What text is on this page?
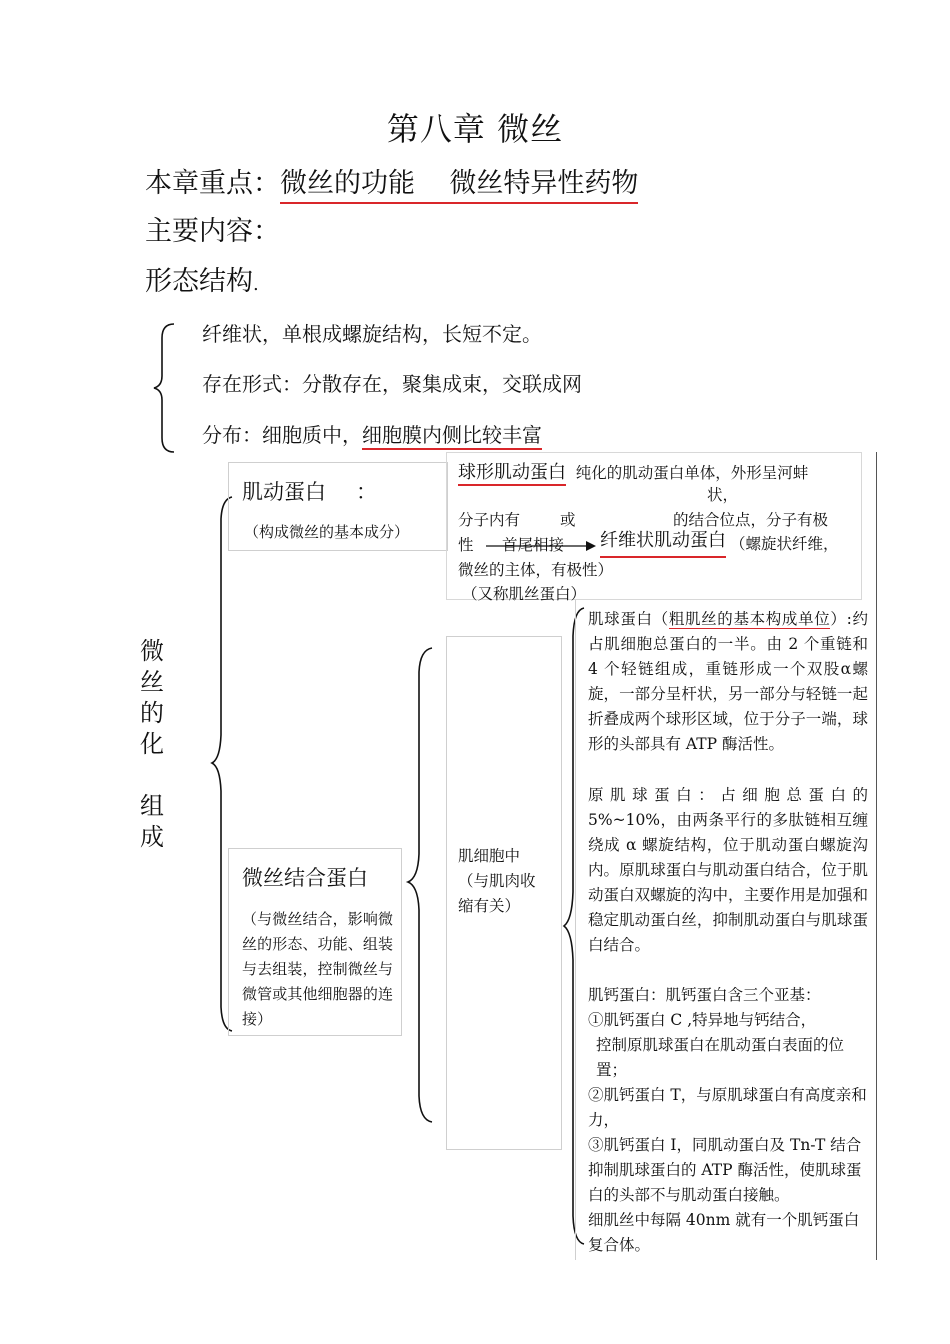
第八章 微丝
本章重点：微丝的功能    微丝特异性药物
主要内容：
形态结构.
纤维状，单根成螺旋结构，长短不定。
存在形式：分散存在，聚集成束，交联成网
分布：细胞质中，细胞膜内侧比较丰富
微
丝
的
化
组
成
肌动蛋白 ：
（构成微丝的基本成分）
球形肌动蛋白 纯化的肌动蛋白单体，外形呈河蚌
状，
分子内有	或	的结合位点，分子有极
性 首尾相接 纤维状肌动蛋白 （螺旋状纤维，
微丝的主体，有极性）
（又称肌丝蛋白）
微丝结合蛋白
（与微丝结合，影响微丝的形态、功能、组装与去组装，控制微丝与微管或其他细胞器的连接）
肌细胞中
（与肌肉收缩有关）
肌球蛋白（粗肌丝的基本构成单位）:约占肌细胞总蛋白的一半。由 2 个重链和 4 个轻链组成，重链形成一个双股α螺旋，一部分呈杆状，另一部分与轻链一起折叠成两个球形区域，位于分子一端，球形的头部具有 ATP 酶活性。
原肌球蛋白：占细胞总蛋白的 5%~10%，由两条平行的多肽链相互缠绕成 α 螺旋结构，位于肌动蛋白螺旋沟内。原肌球蛋白与肌动蛋白结合，位于肌动蛋白双螺旋的沟中，主要作用是加强和稳定肌动蛋白丝，抑制肌动蛋白与肌球蛋白结合。
肌钙蛋白：肌钙蛋白含三个亚基：
①肌钙蛋白 C ,特异地与钙结合，
控制原肌球蛋白在肌动蛋白表面的位置；
②肌钙蛋白 T，与原肌球蛋白有高度亲和力，
③肌钙蛋白 I，同肌动蛋白及 Tn-T 结合抑制肌球蛋白的 ATP 酶活性，使肌球蛋白的头部不与肌动蛋白接触。
细肌丝中每隔 40nm 就有一个肌钙蛋白复合体。
